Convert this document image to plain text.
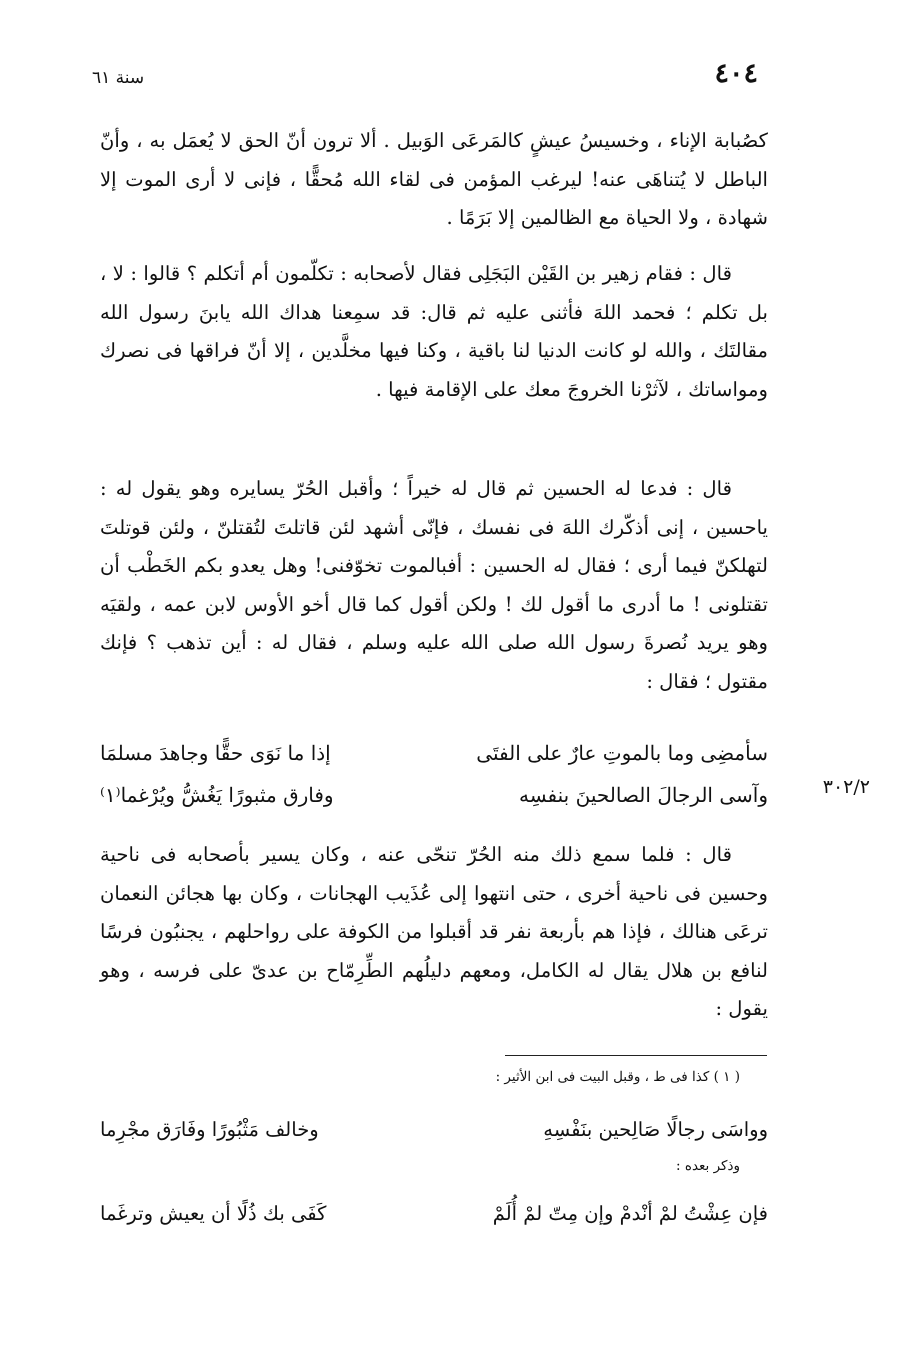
٤٠٤
سنة ٦١
كصُبابة الإناء ، وخسيسُ عيشٍ كالمَرعَى الوَبيل . ألا ترون أنّ الحق لا يُعمَل به ، وأنّ الباطل لا يُتناهَى عنه! ليرغب المؤمن فى لقاء الله مُحقًّا ، فإنى لا أرى الموت إلا شهادة ، ولا الحياة مع الظالمين إلا بَرَمًا .
قال : فقام زهير بن القَيْن البَجَلِى فقال لأصحابه : تكلّمون أم أتكلم ؟ قالوا : لا ، بل تكلم ؛ فحمد اللهَ فأثنى عليه ثم قال: قد سمِعنا هداك الله يابنَ رسول الله مقالتَك ، والله لو كانت الدنيا لنا باقية ، وكنا فيها مخلَّدين ، إلا أنّ فراقها فى نصرك ومواساتك ، لآثرْنا الخروجَ معك على الإقامة فيها .
قال : فدعا له الحسين ثم قال له خيراً ؛ وأقبل الحُرّ يسايره وهو يقول له : ياحسين ، إنى أذكّرك اللهَ فى نفسك ، فإنّى أشهد لئن قاتلتَ لتُقتلنّ ، ولئن قوتلتَ لتهلكنّ فيما أرى ؛ فقال له الحسين : أفبالموت تخوّفنى! وهل يعدو بكم الخَطْب أن تقتلونى ! ما أدرى ما أقول لك ! ولكن أقول كما قال أخو الأوس لابن عمه ، ولقيَه وهو يريد نُصرةَ رسول الله صلى الله عليه وسلم ، فقال له : أين تذهب ؟ فإنك مقتول ؛ فقال :
سأمضِى وما بالموتِ عارٌ على الفتَى
إذا ما نَوَى حقًّا وجاهدَ مسلمَا
وآسى الرجالَ الصالحينَ بنفسِه
وفارق مثبورًا يَغُشُّ ويُرْغما⁽١⁾	٣٠٢/٢
قال : فلما سمع ذلك منه الحُرّ تنحّى عنه ، وكان يسير بأصحابه فى ناحية وحسين فى ناحية أخرى ، حتى انتهوا إلى عُذَيب الهجانات ، وكان بها هجائن النعمان ترعَى هنالك ، فإذا هم بأربعة نفر قد أقبلوا من الكوفة على رواحلهم ، يجنبُون فرسًا لنافع بن هلال يقال له الكامل، ومعهم دليلُهم الطِّرِمّاح بن عدىّ على فرسه ، وهو يقول :
( ١ ) كذا فى ط ، وقبل البيت فى ابن الأثير :
وواسَى رجالًا صَالِحين بنَفْسِهِ
وخالف مَثْبُورًا وفَارَق مجْرِما
وذكر بعده :
فإن عِشْتُ لمْ أنْدمْ وإن مِتّ لمْ أُلَمْ
كَفَى بك ذُلًا أن يعيش وترغَما
